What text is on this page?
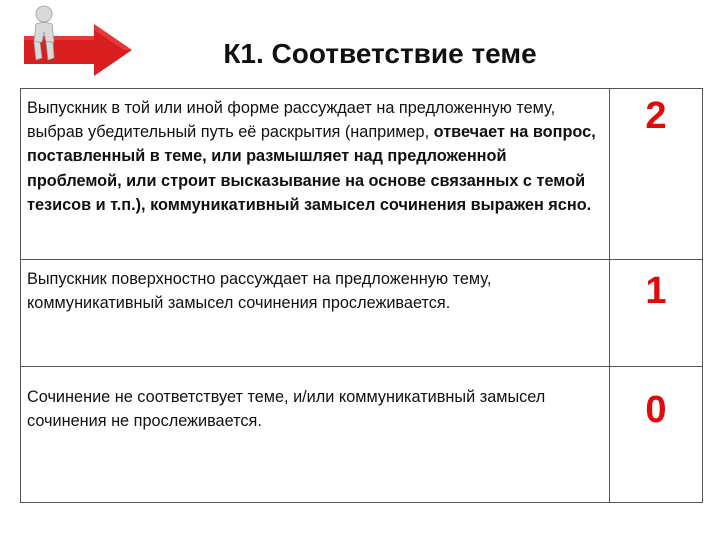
К1. Соответствие теме
Выпускник в той или иной форме рассуждает на предложенную тему, выбрав убедительный путь её раскрытия (например, отвечает на вопрос, поставленный в теме, или размышляет над предложенной проблемой, или строит высказывание на основе связанных с темой тезисов и т.п.), коммуникативный замысел сочинения выражен ясно.	2
Выпускник поверхностно рассуждает на предложенную тему, коммуникативный замысел сочинения прослеживается.	1
Сочинение не соответствует теме, и/или коммуникативный замысел сочинения не прослеживается.	0
